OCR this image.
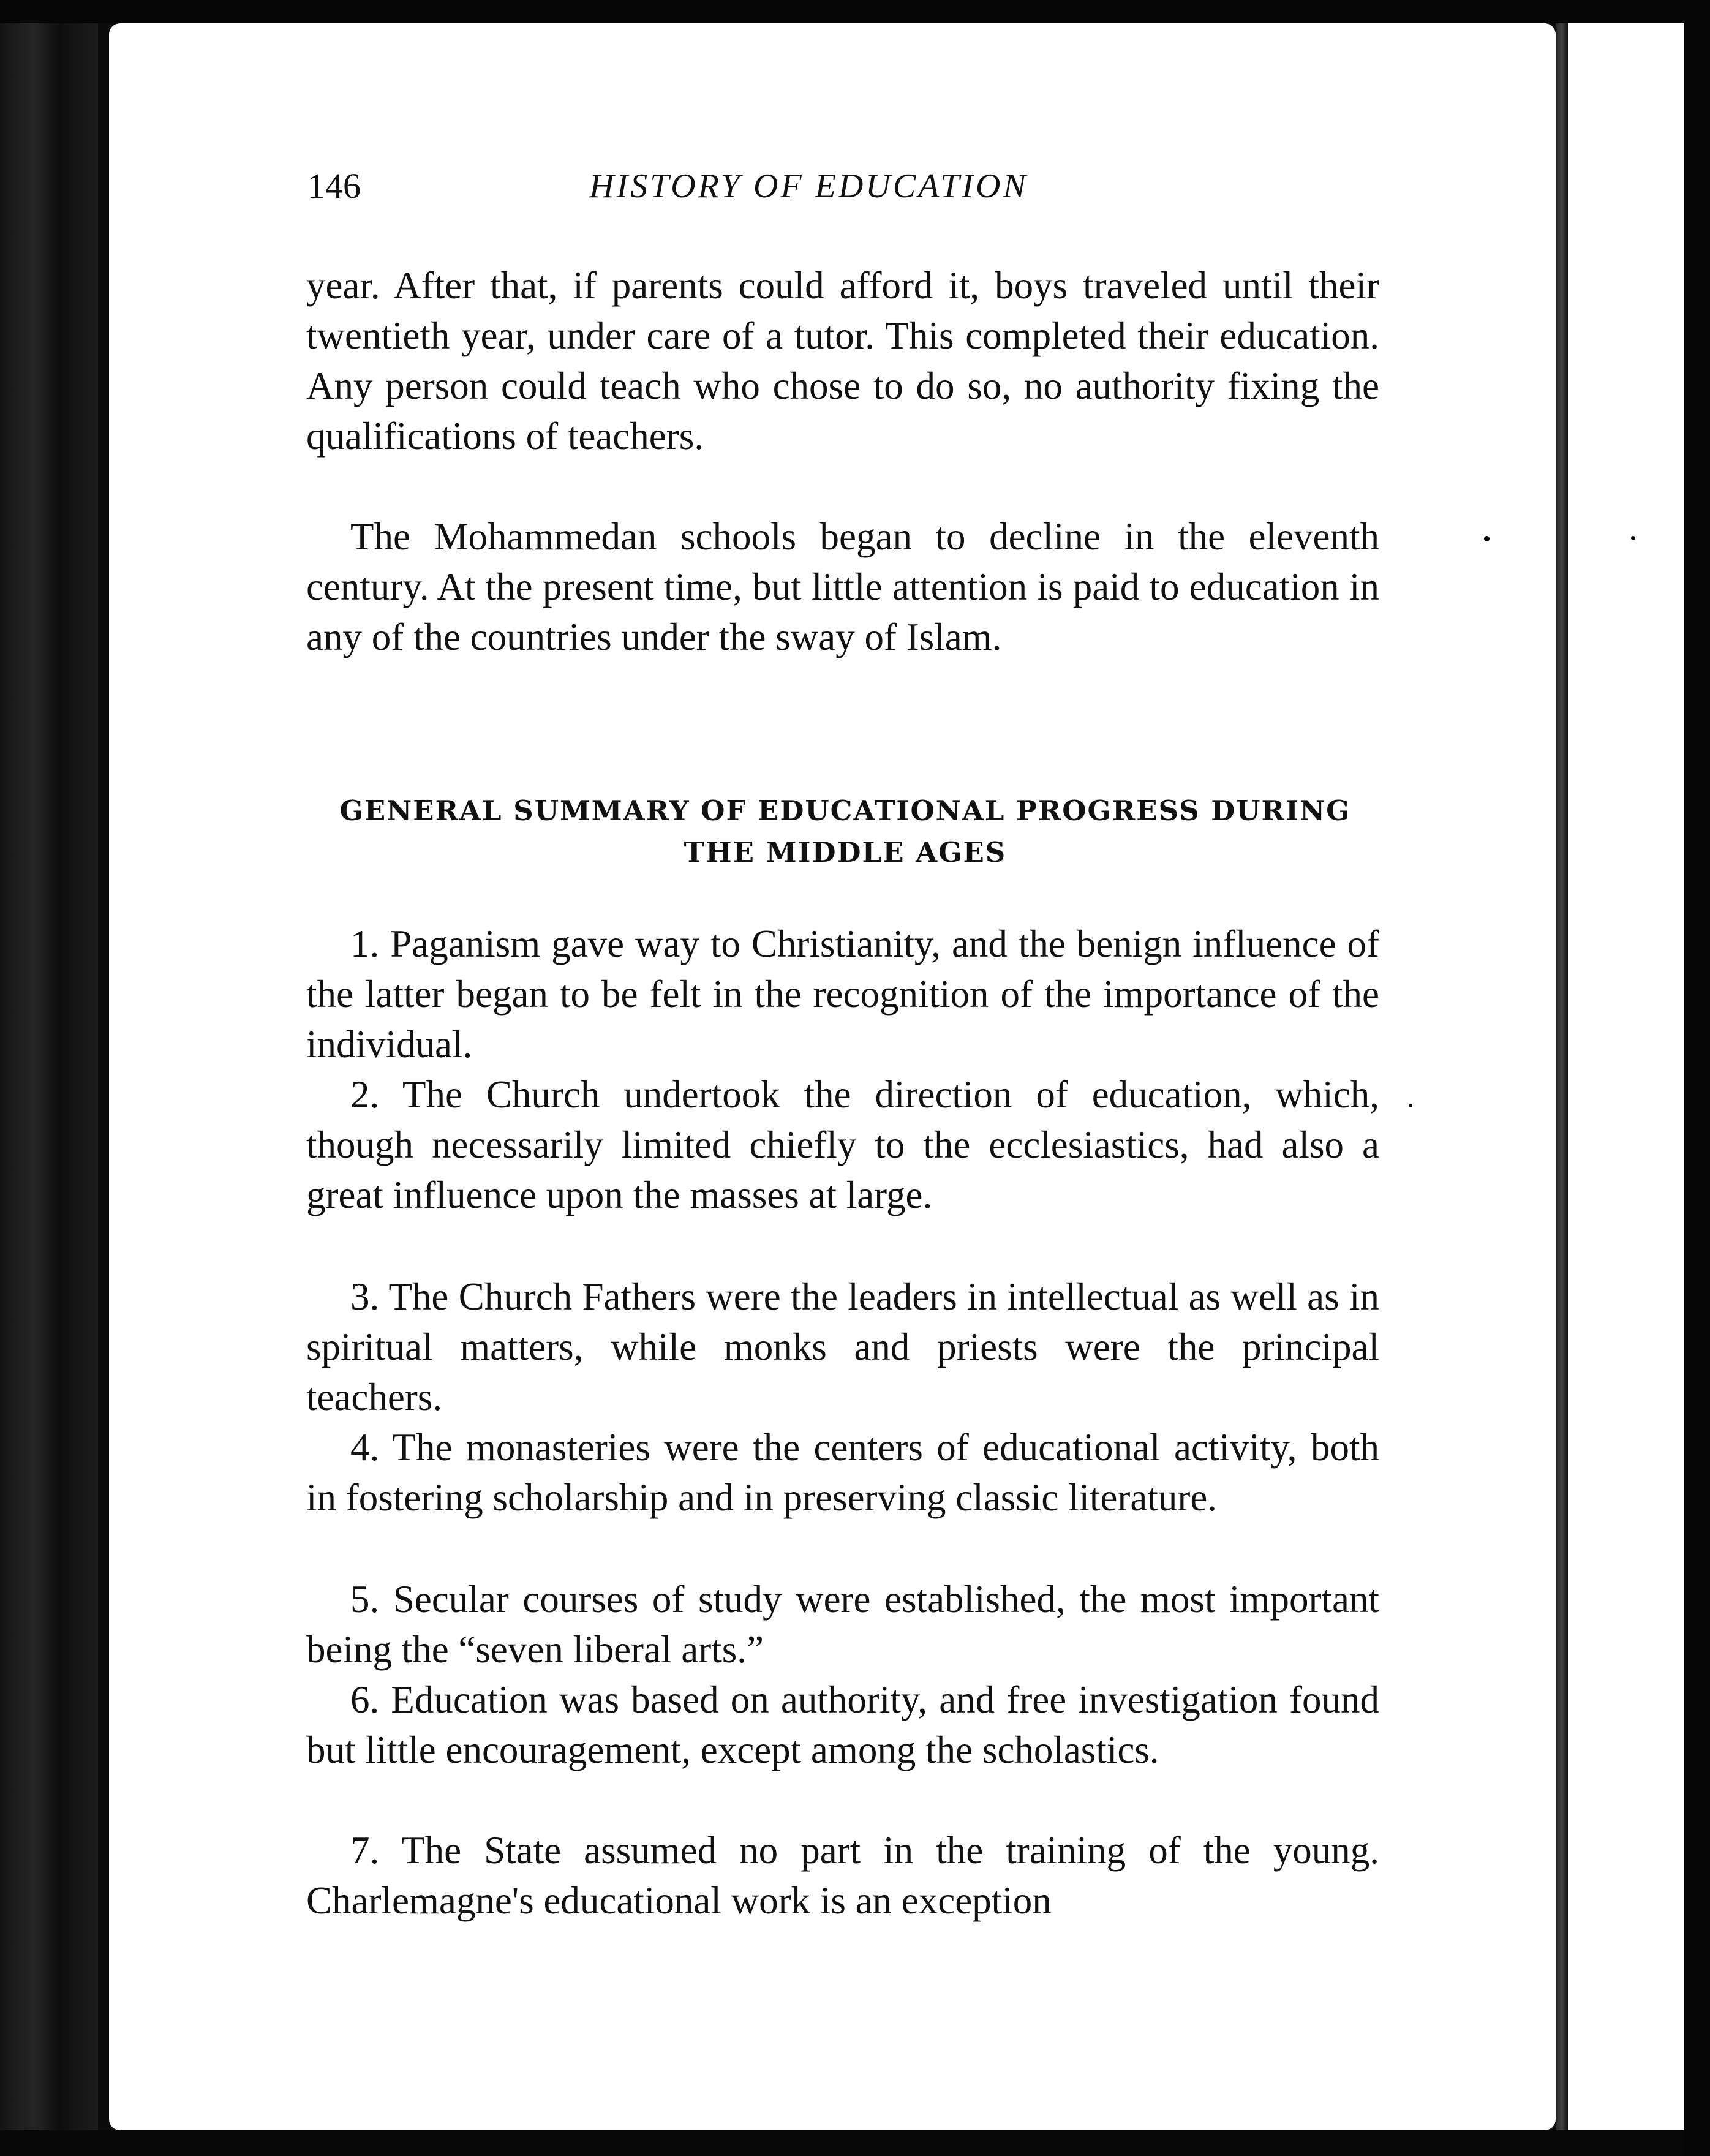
146	HISTORY OF EDUCATION

year. After that, if parents could afford it, boys traveled until their twentieth year, under care of a tutor. This completed their education. Any person could teach who chose to do so, no authority fixing the qualifications of teachers.

The Mohammedan schools began to decline in the eleventh century. At the present time, but little attention is paid to education in any of the countries under the sway of Islam.

GENERAL SUMMARY OF EDUCATIONAL PROGRESS DURING
THE MIDDLE AGES

1. Paganism gave way to Christianity, and the benign influence of the latter began to be felt in the recognition of the importance of the individual.

2. The Church undertook the direction of education, which, though necessarily limited chiefly to the ecclesiastics, had also a great influence upon the masses at large.

3. The Church Fathers were the leaders in intellectual as well as in spiritual matters, while monks and priests were the principal teachers.

4. The monasteries were the centers of educational activity, both in fostering scholarship and in preserving classic literature.

5. Secular courses of study were established, the most important being the “seven liberal arts.”

6. Education was based on authority, and free investigation found but little encouragement, except among the scholastics.

7. The State assumed no part in the training of the young. Charlemagne's educational work is an exception
